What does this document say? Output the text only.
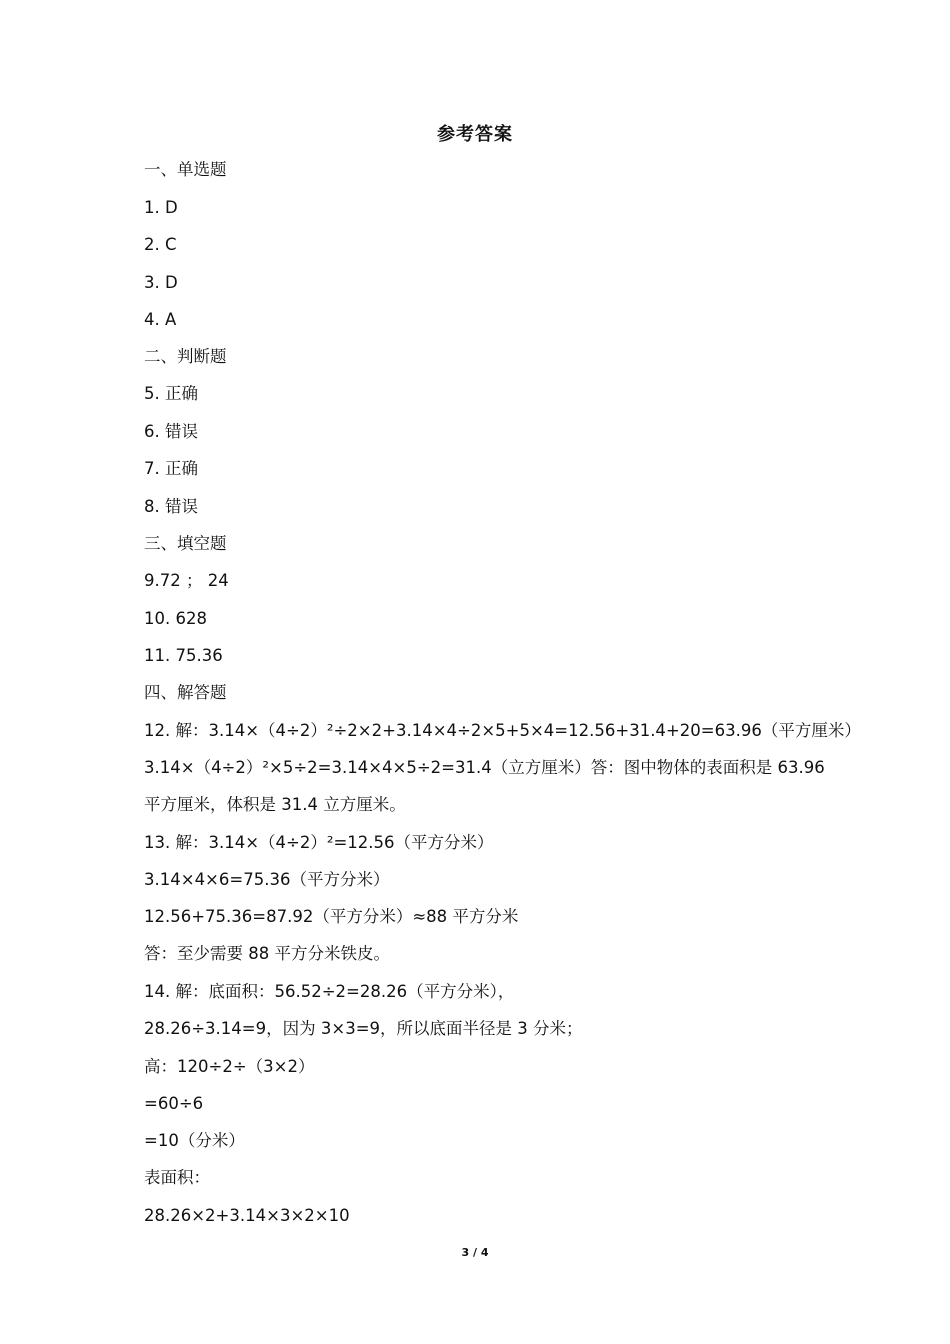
参考答案
一、单选题
1. D
2. C
3. D
4. A
二、判断题
5. 正确
6. 错误
7. 正确
8. 错误
三、填空题
9.72 ； 24
10. 628
11. 75.36
四、解答题
12. 解：3.14×（4÷2）²÷2×2+3.14×4÷2×5+5×4=12.56+31.4+20=63.96（平方厘米）
3.14×（4÷2）²×5÷2=3.14×4×5÷2=31.4（立方厘米）答：图中物体的表面积是 63.96
平方厘米，体积是 31.4 立方厘米。
13. 解：3.14×（4÷2）²=12.56（平方分米）
3.14×4×6=75.36（平方分米）
12.56+75.36=87.92（平方分米）≈88 平方分米
答：至少需要 88 平方分米铁皮。
14. 解：底面积：56.52÷2=28.26（平方分米），
28.26÷3.14=9，因为 3×3=9，所以底面半径是 3 分米；
高：120÷2÷（3×2）
=60÷6
=10（分米）
表面积：
28.26×2+3.14×3×2×10
3 / 4
